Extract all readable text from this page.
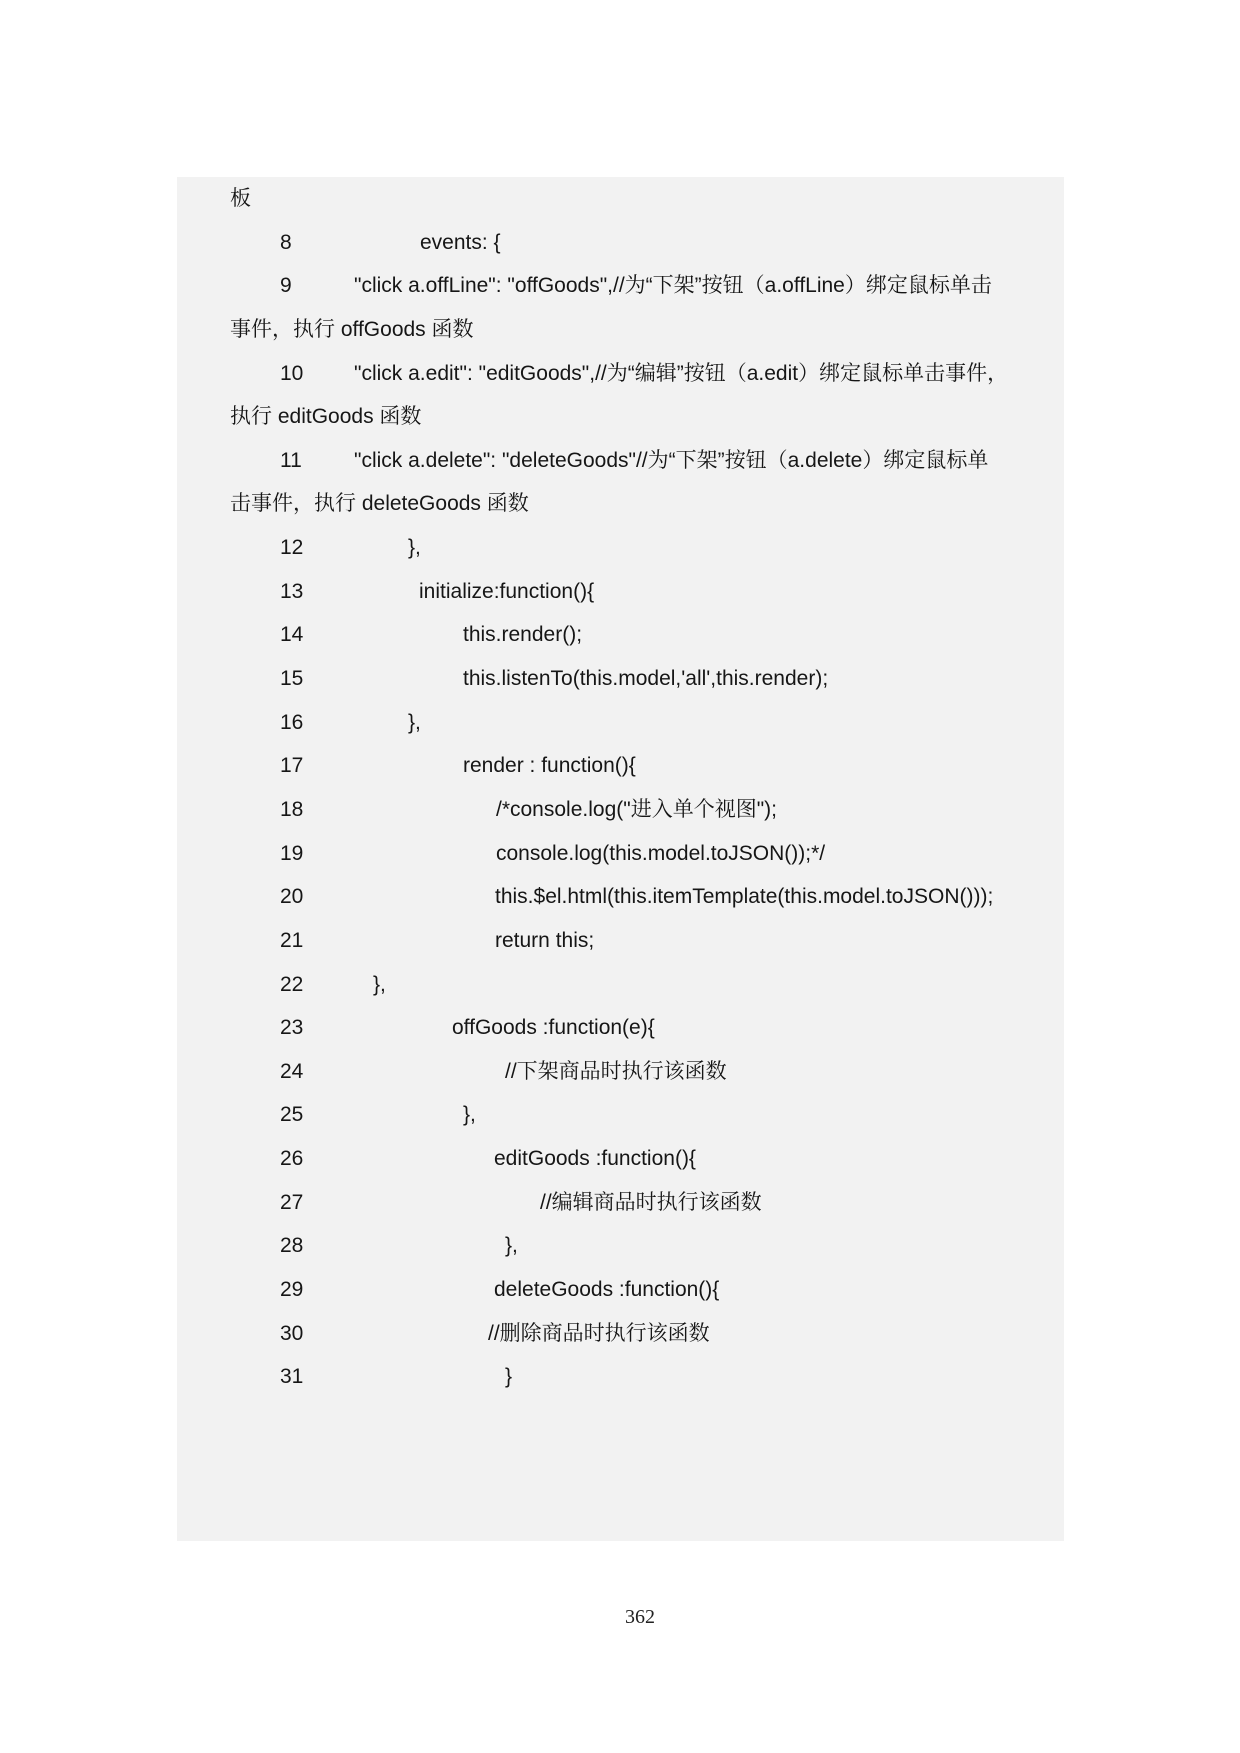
板

8

	events: {

9

	"click a.offLine": "offGoods",//为“下架”按钮（a.offLine）绑定鼠标单击

事件，执行 offGoods 函数

10

"click a.edit": "editGoods",//为“编辑”按钮（a.edit）绑定鼠标单击事件，

执行 editGoods 函数

11

"click a.delete": "deleteGoods"//为“下架”按钮（a.delete）绑定鼠标单

击事件，执行 deleteGoods 函数

12

	},

13

	initialize:function(){

14

	this.render();

15

	this.listenTo(this.model,'all',this.render);

16

	},

17

	render : function(){

18

	/*console.log("进入单个视图");

19

	console.log(this.model.toJSON());*/

20

	this.$el.html(this.itemTemplate(this.model.toJSON()));

21

	return this;

22

	},

23

	offGoods :function(e){

24

	//下架商品时执行该函数

25

	},

26

	editGoods :function(){

27

	//编辑商品时执行该函数

28

	},

29

	deleteGoods :function(){

30

	//删除商品时执行该函数

31

	}

362
